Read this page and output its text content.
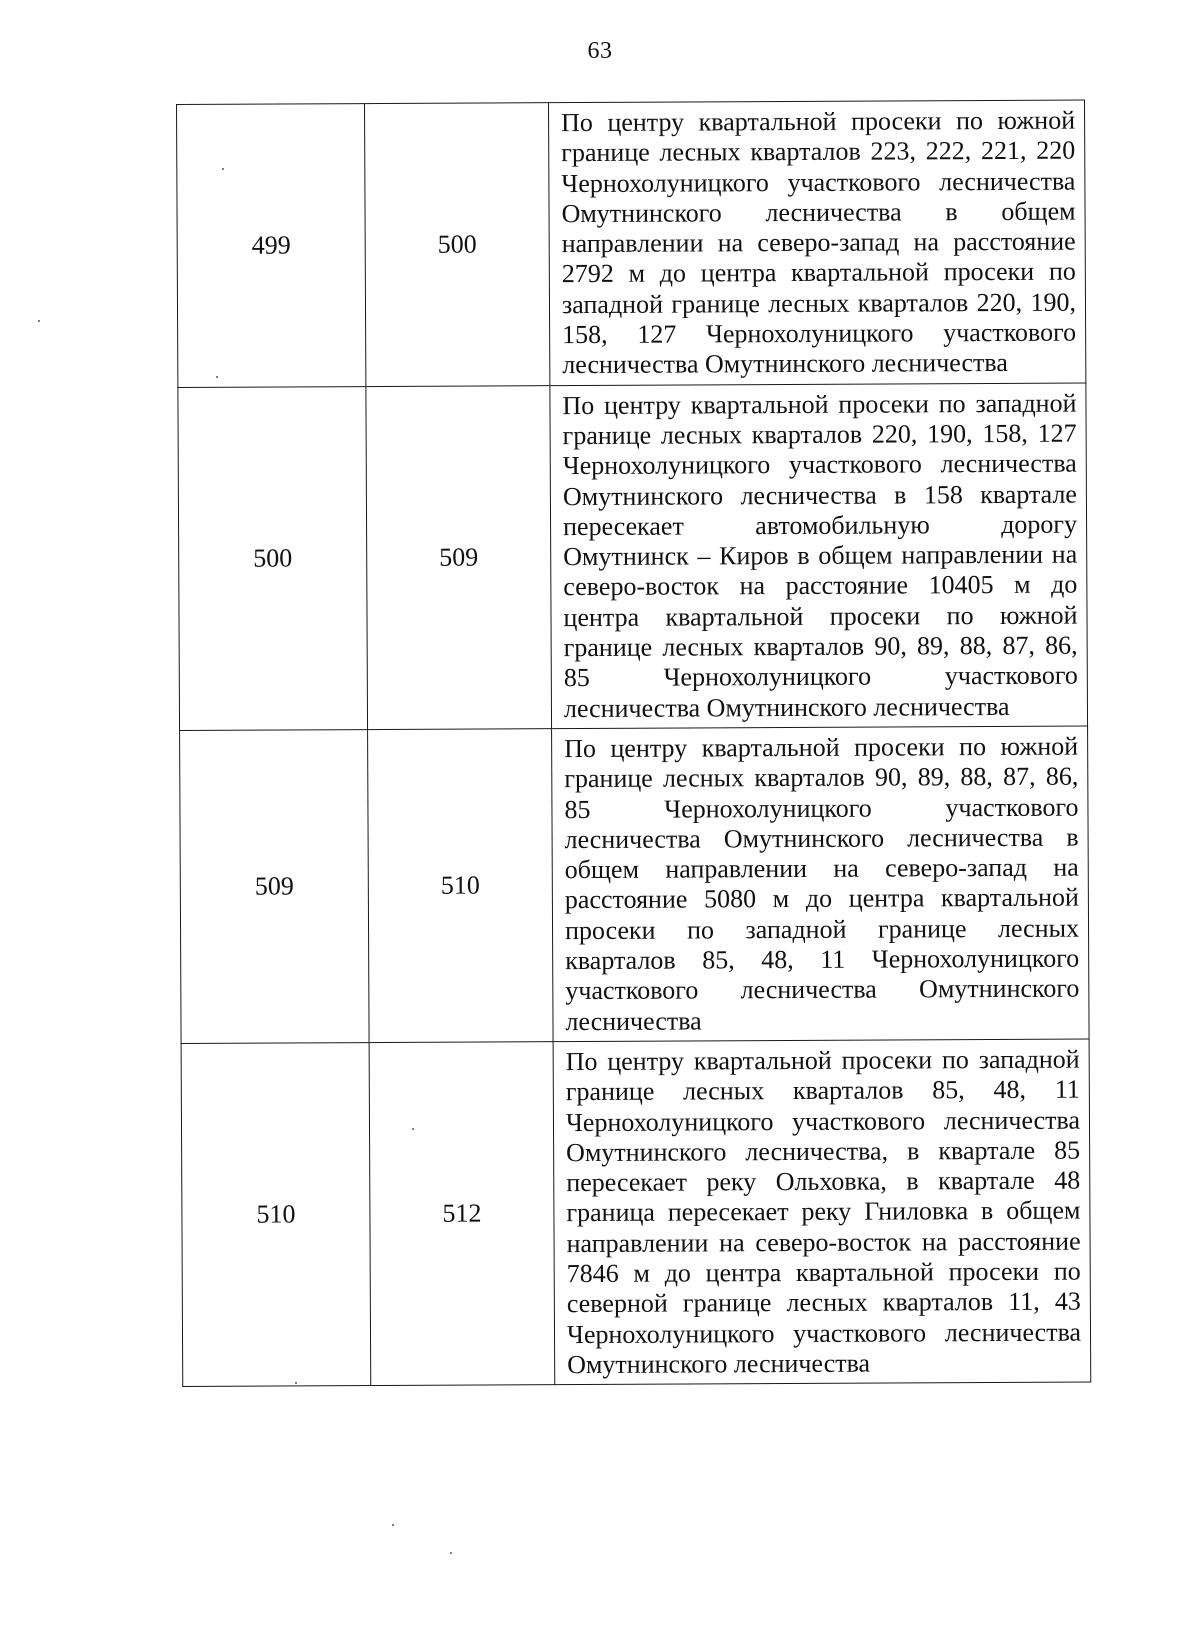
63
499	500	По центру квартальной просеки по южной границе лесных кварталов 223, 222, 221, 220 Чернохолуницкого участкового лесничества Омутнинского лесничества в общем направлении на северо-запад на расстояние 2792 м до центра квартальной просеки по западной границе лесных кварталов 220, 190, 158, 127 Чернохолуницкого участкового лесничества Омутнинского лесничества

500	509	По центру квартальной просеки по западной границе лесных кварталов 220, 190, 158, 127 Чернохолуницкого участкового лесничества Омутнинского лесничества в 158 квартале пересекает автомобильную дорогу Омутнинск – Киров в общем направлении на северо-восток на расстояние 10405 м до центра квартальной просеки по южной границе лесных кварталов 90, 89, 88, 87, 86, 85 Чернохолуницкого участкового лесничества Омутнинского лесничества

509	510	По центру квартальной просеки по южной границе лесных кварталов 90, 89, 88, 87, 86, 85 Чернохолуницкого участкового лесничества Омутнинского лесничества в общем направлении на северо-запад на расстояние 5080 м до центра квартальной просеки по западной границе лесных кварталов 85, 48, 11 Чернохолуницкого участкового лесничества Омутнинского лесничества

510	512	По центру квартальной просеки по западной границе лесных кварталов 85, 48, 11 Чернохолуницкого участкового лесничества Омутнинского лесничества, в квартале 85 пересекает реку Ольховка, в квартале 48 граница пересекает реку Гниловка в общем направлении на северо-восток на расстояние 7846 м до центра квартальной просеки по северной границе лесных кварталов 11, 43 Чернохолуницкого участкового лесничества Омутнинского лесничества
